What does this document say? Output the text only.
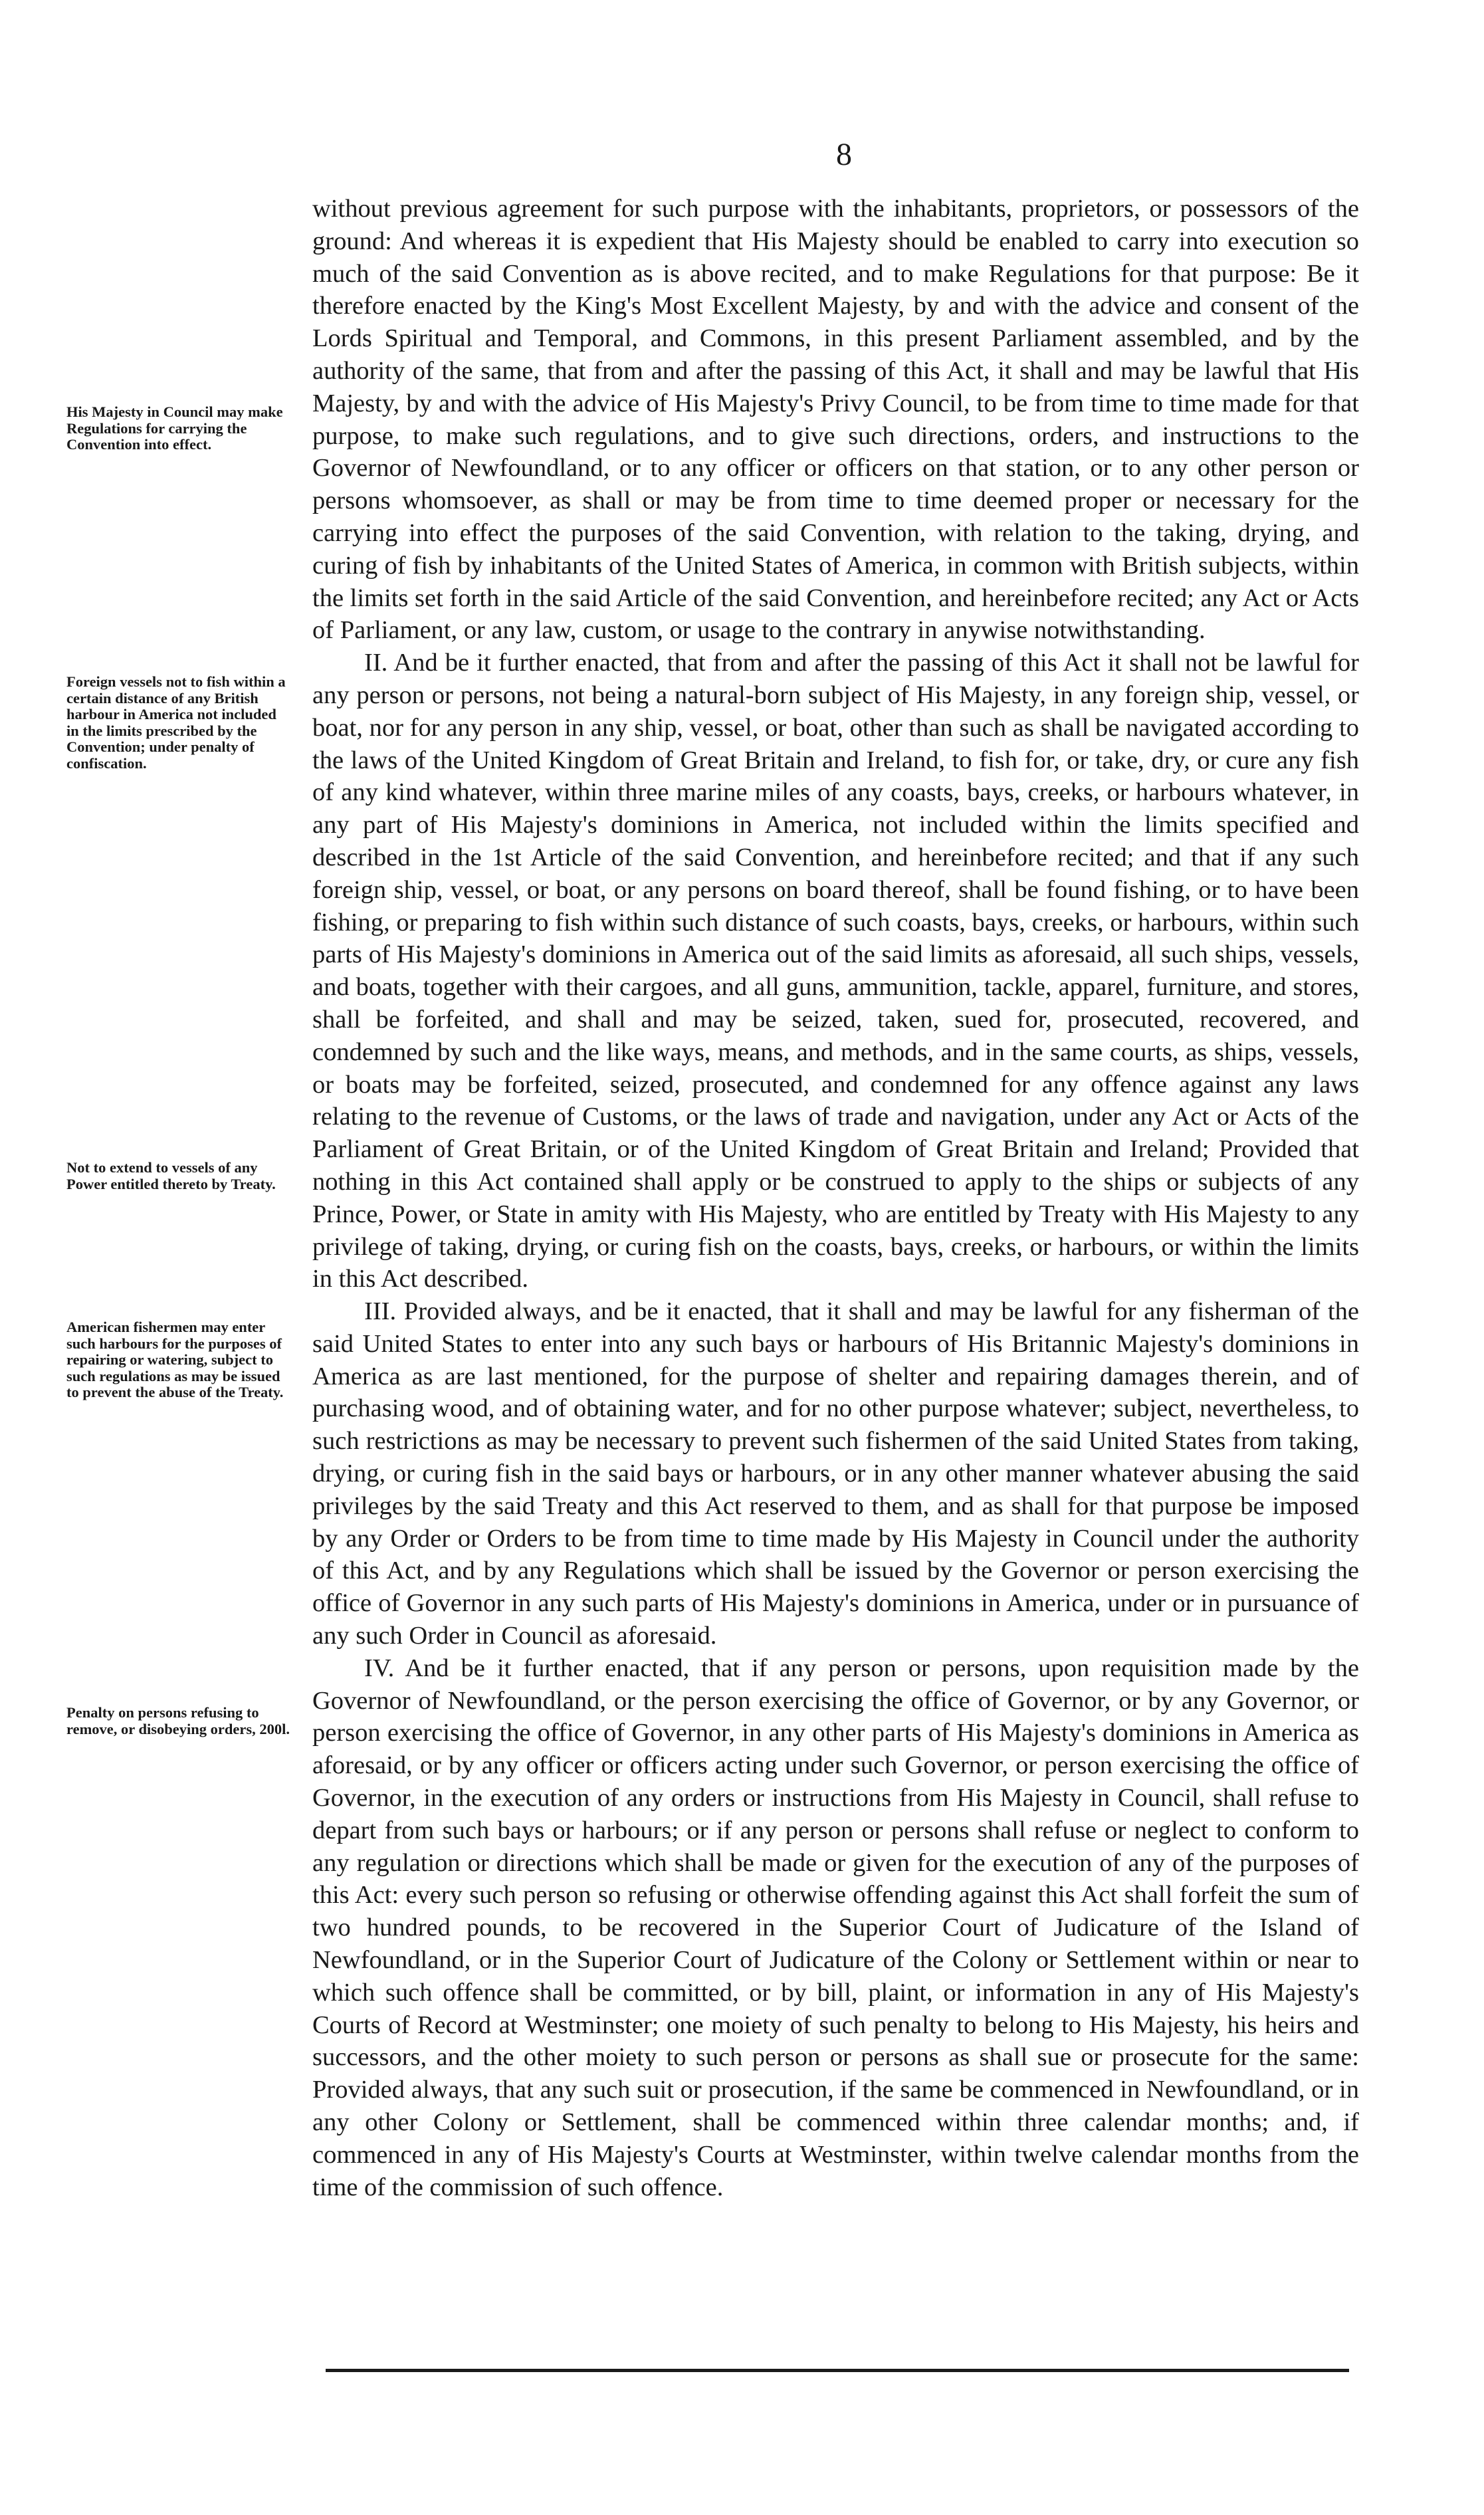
8
His Majesty in Council may make Regulations for carrying the Convention into effect.
Foreign vessels not to fish within a certain distance of any British harbour in America not included in the limits prescribed by the Convention; under penalty of confiscation.
Not to extend to vessels of any Power entitled thereto by Treaty.
American fishermen may enter such harbours for the purposes of repairing or watering, subject to such regulations as may be issued to prevent the abuse of the Treaty.
Penalty on persons refusing to remove, or disobeying orders, 200l.

without previous agreement for such purpose with the inhabitants, proprietors, or possessors of the ground: And whereas it is expedient that His Majesty should be enabled to carry into execution so much of the said Convention as is above recited, and to make Regulations for that purpose: Be it therefore enacted by the King's Most Excellent Majesty, by and with the advice and consent of the Lords Spiritual and Temporal, and Commons, in this present Parliament assembled, and by the authority of the same, that from and after the passing of this Act, it shall and may be lawful that His Majesty, by and with the advice of His Majesty's Privy Council, to be from time to time made for that purpose, to make such regulations, and to give such directions, orders, and instructions to the Governor of Newfoundland, or to any officer or officers on that station, or to any other person or persons whomsoever, as shall or may be from time to time deemed proper or necessary for the carrying into effect the purposes of the said Convention, with relation to the taking, drying, and curing of fish by inhabitants of the United States of America, in common with British subjects, within the limits set forth in the said Article of the said Convention, and hereinbefore recited; any Act or Acts of Parliament, or any law, custom, or usage to the contrary in anywise notwithstanding.

II. And be it further enacted, that from and after the passing of this Act it shall not be lawful for any person or persons, not being a natural-born subject of His Majesty, in any foreign ship, vessel, or boat, nor for any person in any ship, vessel, or boat, other than such as shall be navigated according to the laws of the United Kingdom of Great Britain and Ireland, to fish for, or take, dry, or cure any fish of any kind whatever, within three marine miles of any coasts, bays, creeks, or harbours whatever, in any part of His Majesty's dominions in America, not included within the limits specified and described in the 1st Article of the said Convention, and hereinbefore recited; and that if any such foreign ship, vessel, or boat, or any persons on board thereof, shall be found fishing, or to have been fishing, or preparing to fish within such distance of such coasts, bays, creeks, or harbours, within such parts of His Majesty's dominions in America out of the said limits as aforesaid, all such ships, vessels, and boats, together with their cargoes, and all guns, ammunition, tackle, apparel, furniture, and stores, shall be forfeited, and shall and may be seized, taken, sued for, prosecuted, recovered, and condemned by such and the like ways, means, and methods, and in the same courts, as ships, vessels, or boats may be forfeited, seized, prosecuted, and condemned for any offence against any laws relating to the revenue of Customs, or the laws of trade and navigation, under any Act or Acts of the Parliament of Great Britain, or of the United Kingdom of Great Britain and Ireland; Provided that nothing in this Act contained shall apply or be construed to apply to the ships or subjects of any Prince, Power, or State in amity with His Majesty, who are entitled by Treaty with His Majesty to any privilege of taking, drying, or curing fish on the coasts, bays, creeks, or harbours, or within the limits in this Act described.

III. Provided always, and be it enacted, that it shall and may be lawful for any fisherman of the said United States to enter into any such bays or harbours of His Britannic Majesty's dominions in America as are last mentioned, for the purpose of shelter and repairing damages therein, and of purchasing wood, and of obtaining water, and for no other purpose whatever; subject, nevertheless, to such restrictions as may be necessary to prevent such fishermen of the said United States from taking, drying, or curing fish in the said bays or harbours, or in any other manner whatever abusing the said privileges by the said Treaty and this Act reserved to them, and as shall for that purpose be imposed by any Order or Orders to be from time to time made by His Majesty in Council under the authority of this Act, and by any Regulations which shall be issued by the Governor or person exercising the office of Governor in any such parts of His Majesty's dominions in America, under or in pursuance of any such Order in Council as aforesaid.

IV. And be it further enacted, that if any person or persons, upon requisition made by the Governor of Newfoundland, or the person exercising the office of Governor, or by any Governor, or person exercising the office of Governor, in any other parts of His Majesty's dominions in America as aforesaid, or by any officer or officers acting under such Governor, or person exercising the office of Governor, in the execution of any orders or instructions from His Majesty in Council, shall refuse to depart from such bays or harbours; or if any person or persons shall refuse or neglect to conform to any regulation or directions which shall be made or given for the execution of any of the purposes of this Act: every such person so refusing or otherwise offending against this Act shall forfeit the sum of two hundred pounds, to be recovered in the Superior Court of Judicature of the Island of Newfoundland, or in the Superior Court of Judicature of the Colony or Settlement within or near to which such offence shall be committed, or by bill, plaint, or information in any of His Majesty's Courts of Record at Westminster; one moiety of such penalty to belong to His Majesty, his heirs and successors, and the other moiety to such person or persons as shall sue or prosecute for the same: Provided always, that any such suit or prosecution, if the same be commenced in Newfoundland, or in any other Colony or Settlement, shall be commenced within three calendar months; and, if commenced in any of His Majesty's Courts at Westminster, within twelve calendar months from the time of the commission of such offence.
